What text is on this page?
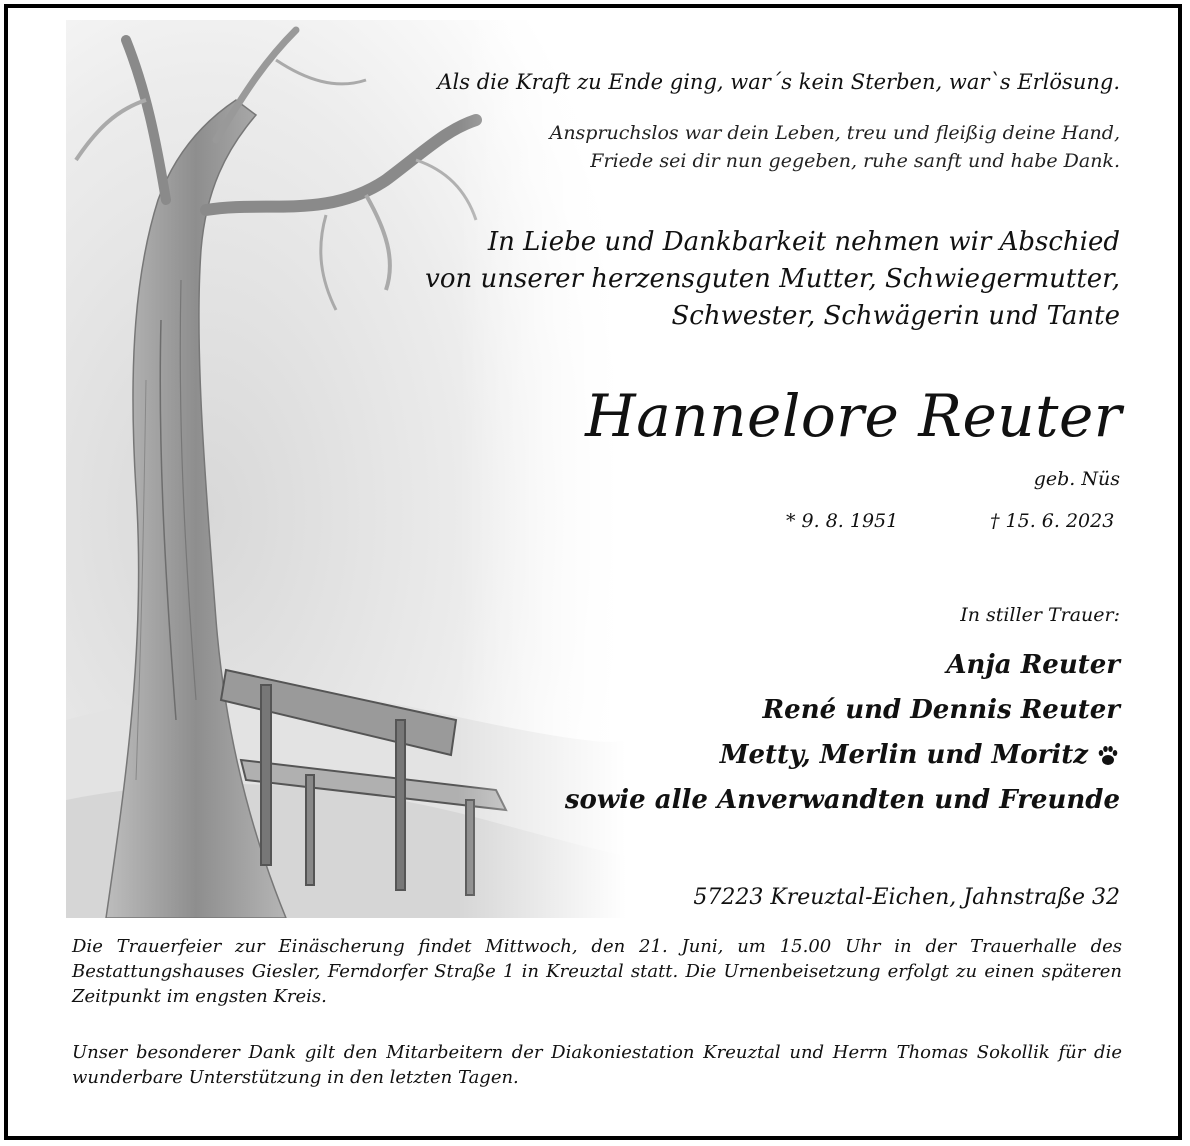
Als die Kraft zu Ende ging, war´s kein Sterben, war`s Erlösung.
Anspruchslos war dein Leben, treu und fleißig deine Hand,
Friede sei dir nun gegeben, ruhe sanft und habe Dank.
In Liebe und Dankbarkeit nehmen wir Abschied
von unserer herzensguten Mutter, Schwiegermutter,
Schwester, Schwägerin und Tante
Hannelore Reuter
geb. Nüs
* 9. 8. 1951	† 15. 6. 2023
In stiller Trauer:
Anja Reuter
René und Dennis Reuter
Metty, Merlin und Moritz
sowie alle Anverwandten und Freunde
57223 Kreuztal-Eichen, Jahnstraße 32
Die Trauerfeier zur Einäscherung findet Mittwoch, den 21. Juni, um 15.00 Uhr in der Trauerhalle des Bestattungshauses Giesler, Ferndorfer Straße 1 in Kreuztal statt. Die Urnenbeisetzung erfolgt zu einen späteren Zeitpunkt im engsten Kreis.
Unser besonderer Dank gilt den Mitarbeitern der Diakoniestation Kreuztal und Herrn Thomas Sokollik für die wunderbare Unterstützung in den letzten Tagen.
